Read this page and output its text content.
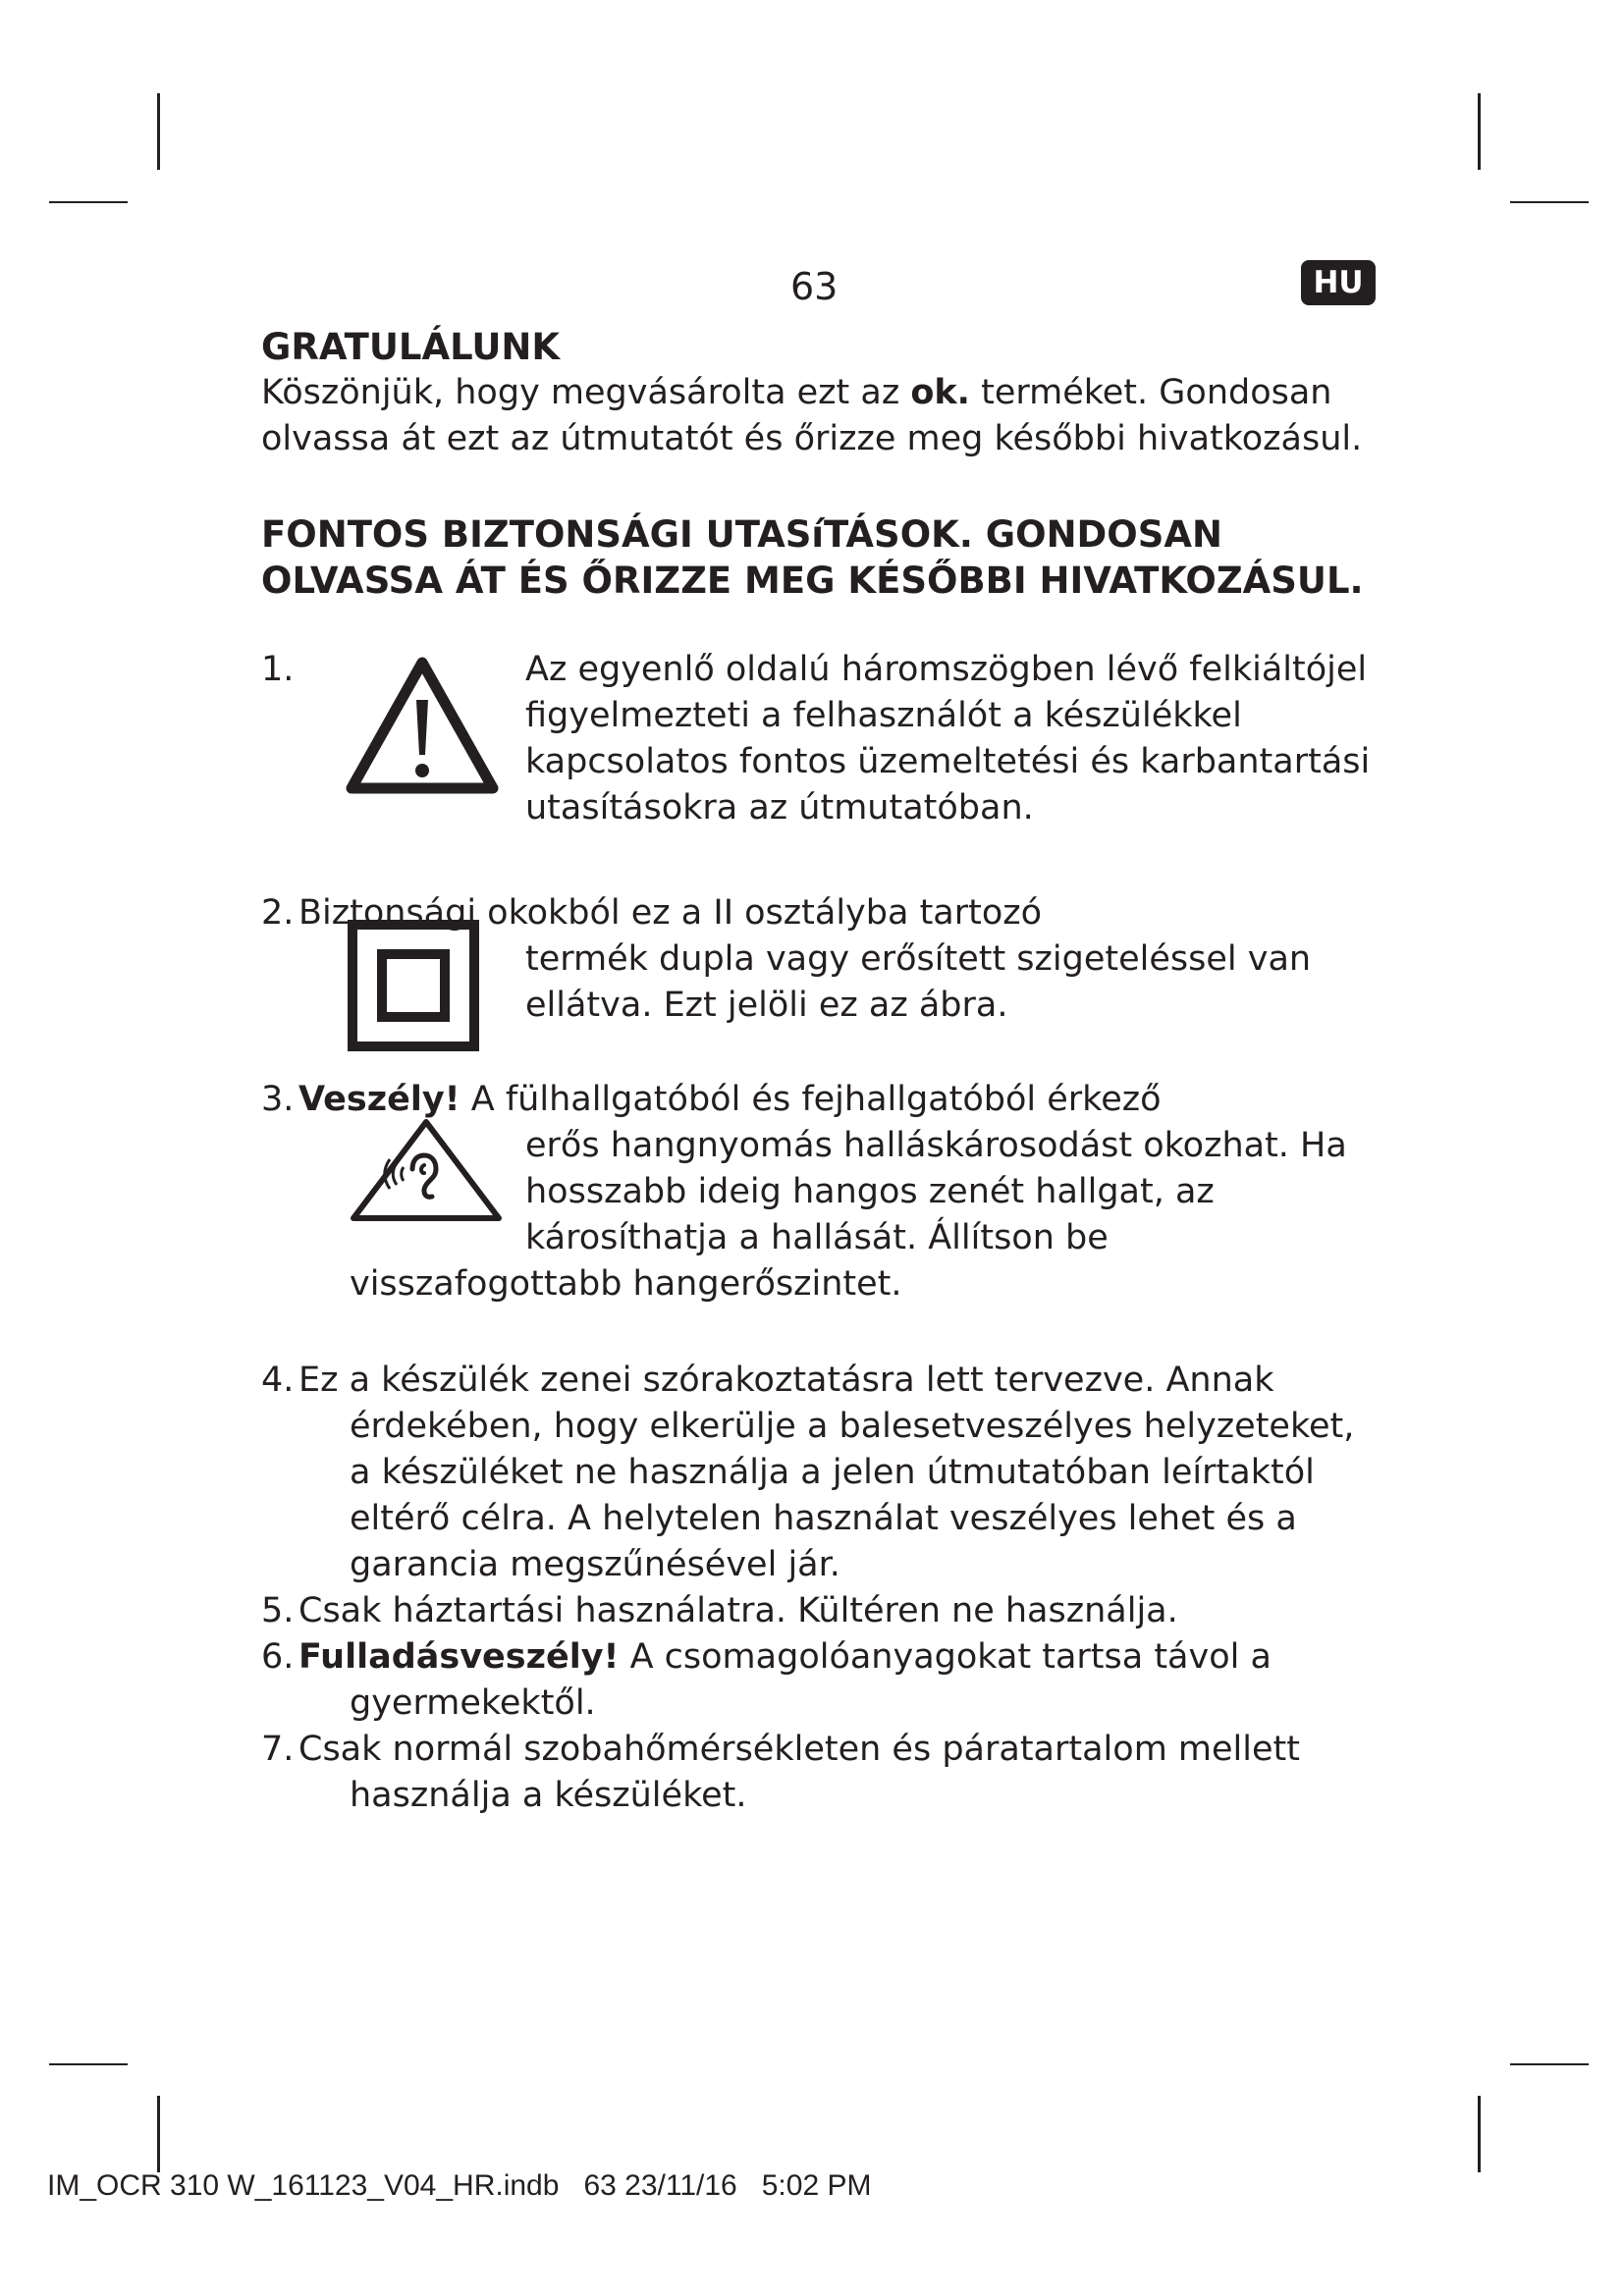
63	HU

GRATULÁLUNK

Köszönjük, hogy megvásárolta ezt az ok. terméket. Gondosan olvassa át ezt az útmutatót és őrizze meg későbbi hivatkozásul.

FONTOS BIZTONSÁGI UTASíTÁSOK. GONDOSAN OLVASSA ÁT ÉS ŐRIZZE MEG KÉSŐBBI HIVATKOZÁSUL.

1.	Az egyenlő oldalú háromszögben lévő felkiáltójel figyelmezteti a felhasználót a készülékkel kapcsolatos fontos üzemeltetési és karbantartási utasításokra az útmutatóban.
2. Biztonsági okokból ez a II osztályba tartozó
termék dupla vagy erősített szigeteléssel van ellátva. Ezt jelöli ez az ábra.
3. Veszély! A fülhallgatóból és fejhallgatóból érkező
erős hangnyomás halláskárosodást okozhat. Ha hosszabb ideig hangos zenét hallgat, az károsíthatja a hallását. Állítson be
visszafogottabb hangerőszintet.
4. Ez a készülék zenei szórakoztatásra lett tervezve. Annak érdekében, hogy elkerülje a balesetveszélyes helyzeteket, a készüléket ne használja a jelen útmutatóban leírtaktól eltérő célra. A helytelen használat veszélyes lehet és a garancia megszűnésével jár.
5. Csak háztartási használatra. Kültéren ne használja.
6. Fulladásveszély! A csomagolóanyagokat tartsa távol a gyermekektől.
7. Csak normál szobahőmérsékleten és páratartalom mellett használja a készüléket.
IM_OCR 310 W_161123_V04_HR.indb 63 23/11/16 5:02 PM
